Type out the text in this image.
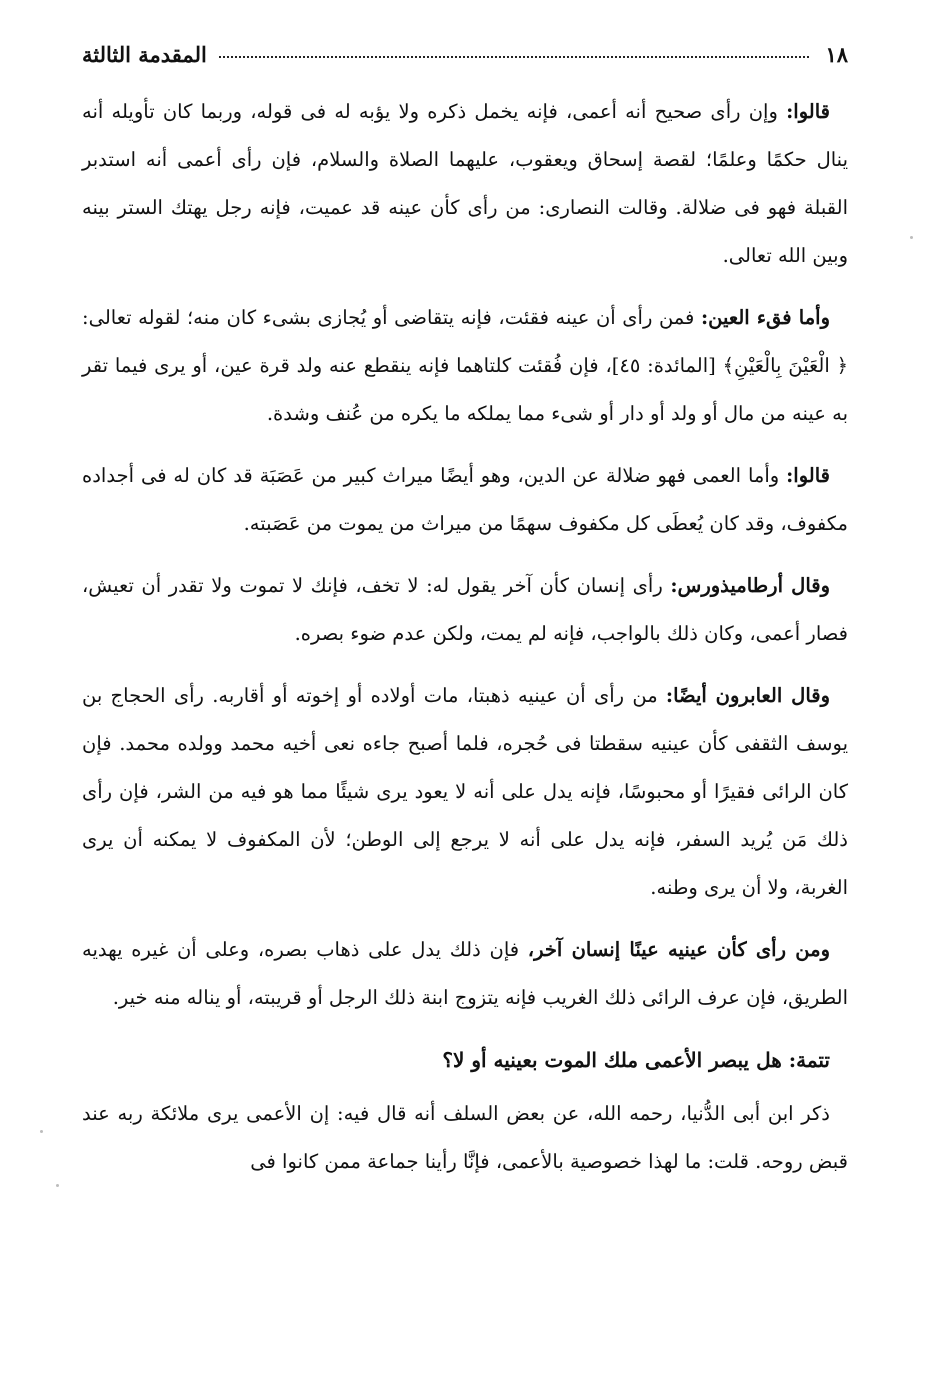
١٨
المقدمة الثالثة

قالوا: وإن رأى صحيح أنه أعمى، فإنه يخمل ذكره ولا يؤبه له فى قوله، وربما كان تأويله أنه ينال حكمًا وعلمًا؛ لقصة إسحاق ويعقوب، عليهما الصلاة والسلام، فإن رأى أعمى أنه استدبر القبلة فهو فى ضلالة. وقالت النصارى: من رأى كأن عينه قد عميت، فإنه رجل يهتك الستر بينه وبين الله تعالى.

وأما فقء العين: فمن رأى أن عينه فقئت، فإنه يتقاضى أو يُجازى بشىء كان منه؛ لقوله تعالى: ﴿ الْعَيْنَ بِالْعَيْنِ﴾ [المائدة: ٤٥]، فإن فُقئت كلتاهما فإنه ينقطع عنه ولد قرة عين، أو يرى فيما تقر به عينه من مال أو ولد أو دار أو شىء مما يملكه ما يكره من عُنف وشدة.

قالوا: وأما العمى فهو ضلالة عن الدين، وهو أيضًا ميراث كبير من عَصَبَة قد كان له فى أجداده مكفوف، وقد كان يُعطَى كل مكفوف سهمًا من ميراث من يموت من عَصَبته.

وقال أرطاميذورس: رأى إنسان كأن آخر يقول له: لا تخف، فإنك لا تموت ولا تقدر أن تعيش، فصار أعمى، وكان ذلك بالواجب، فإنه لم يمت، ولكن عدم ضوء بصره.

وقال العابرون أيضًا: من رأى أن عينيه ذهبتا، مات أولاده أو إخوته أو أقاربه. رأى الحجاج بن يوسف الثقفى كأن عينيه سقطتا فى حُجره، فلما أصبح جاءه نعى أخيه محمد وولده محمد. فإن كان الرائى فقيرًا أو محبوسًا، فإنه يدل على أنه لا يعود يرى شيئًا مما هو فيه من الشر، فإن رأى ذلك مَن يُريد السفر، فإنه يدل على أنه لا يرجع إلى الوطن؛ لأن المكفوف لا يمكنه أن يرى الغربة، ولا أن يرى وطنه.

ومن رأى كأن عينيه عينًا إنسان آخر، فإن ذلك يدل على ذهاب بصره، وعلى أن غيره يهديه الطريق، فإن عرف الرائى ذلك الغريب فإنه يتزوج ابنة ذلك الرجل أو قريبته، أو يناله منه خير.

تتمة: هل يبصر الأعمى ملك الموت بعينيه أو لا؟

ذكر ابن أبى الدُّنيا، رحمه الله، عن بعض السلف أنه قال فيه: إن الأعمى يرى ملائكة ربه عند قبض روحه. قلت: ما لهذا خصوصية بالأعمى، فإنَّا رأينا جماعة ممن كانوا فى
